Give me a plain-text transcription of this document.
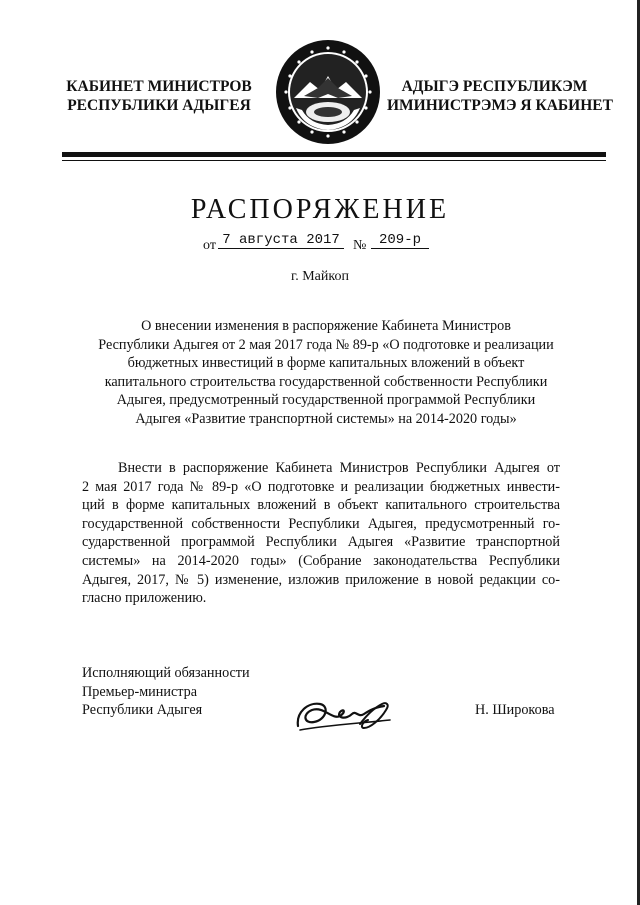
КАБИНЕТ МИНИСТРОВ
РЕСПУБЛИКИ АДЫГЕЯ
АДЫГЭ РЕСПУБЛИКЭМ
ИМИНИСТРЭМЭ Я КАБИНЕТ
РАСПОРЯЖЕНИЕ
от 7 августа 2017 № 209-р
г. Майкоп
О внесении изменения в распоряжение Кабинета Министров
Республики Адыгея от 2 мая 2017 года № 89-р «О подготовке и реализации
бюджетных инвестиций в форме капитальных вложений в объект
капитального строительства государственной собственности Республики
Адыгея, предусмотренный государственной программой Республики
Адыгея «Развитие транспортной системы» на 2014-2020 годы»
Внести в распоряжение Кабинета Министров Республики Адыгея от
2 мая 2017 года № 89-р «О подготовке и реализации бюджетных инвести-
ций в форме капитальных вложений в объект капитального строительства
государственной собственности Республики Адыгея, предусмотренный го-
сударственной программой Республики Адыгея «Развитие транспортной
системы» на 2014-2020 годы» (Собрание законодательства Республики
Адыгея, 2017, № 5) изменение, изложив приложение в новой редакции со-
гласно приложению.
Исполняющий обязанности
Премьер-министра
Республики Адыгея	Н. Широкова
